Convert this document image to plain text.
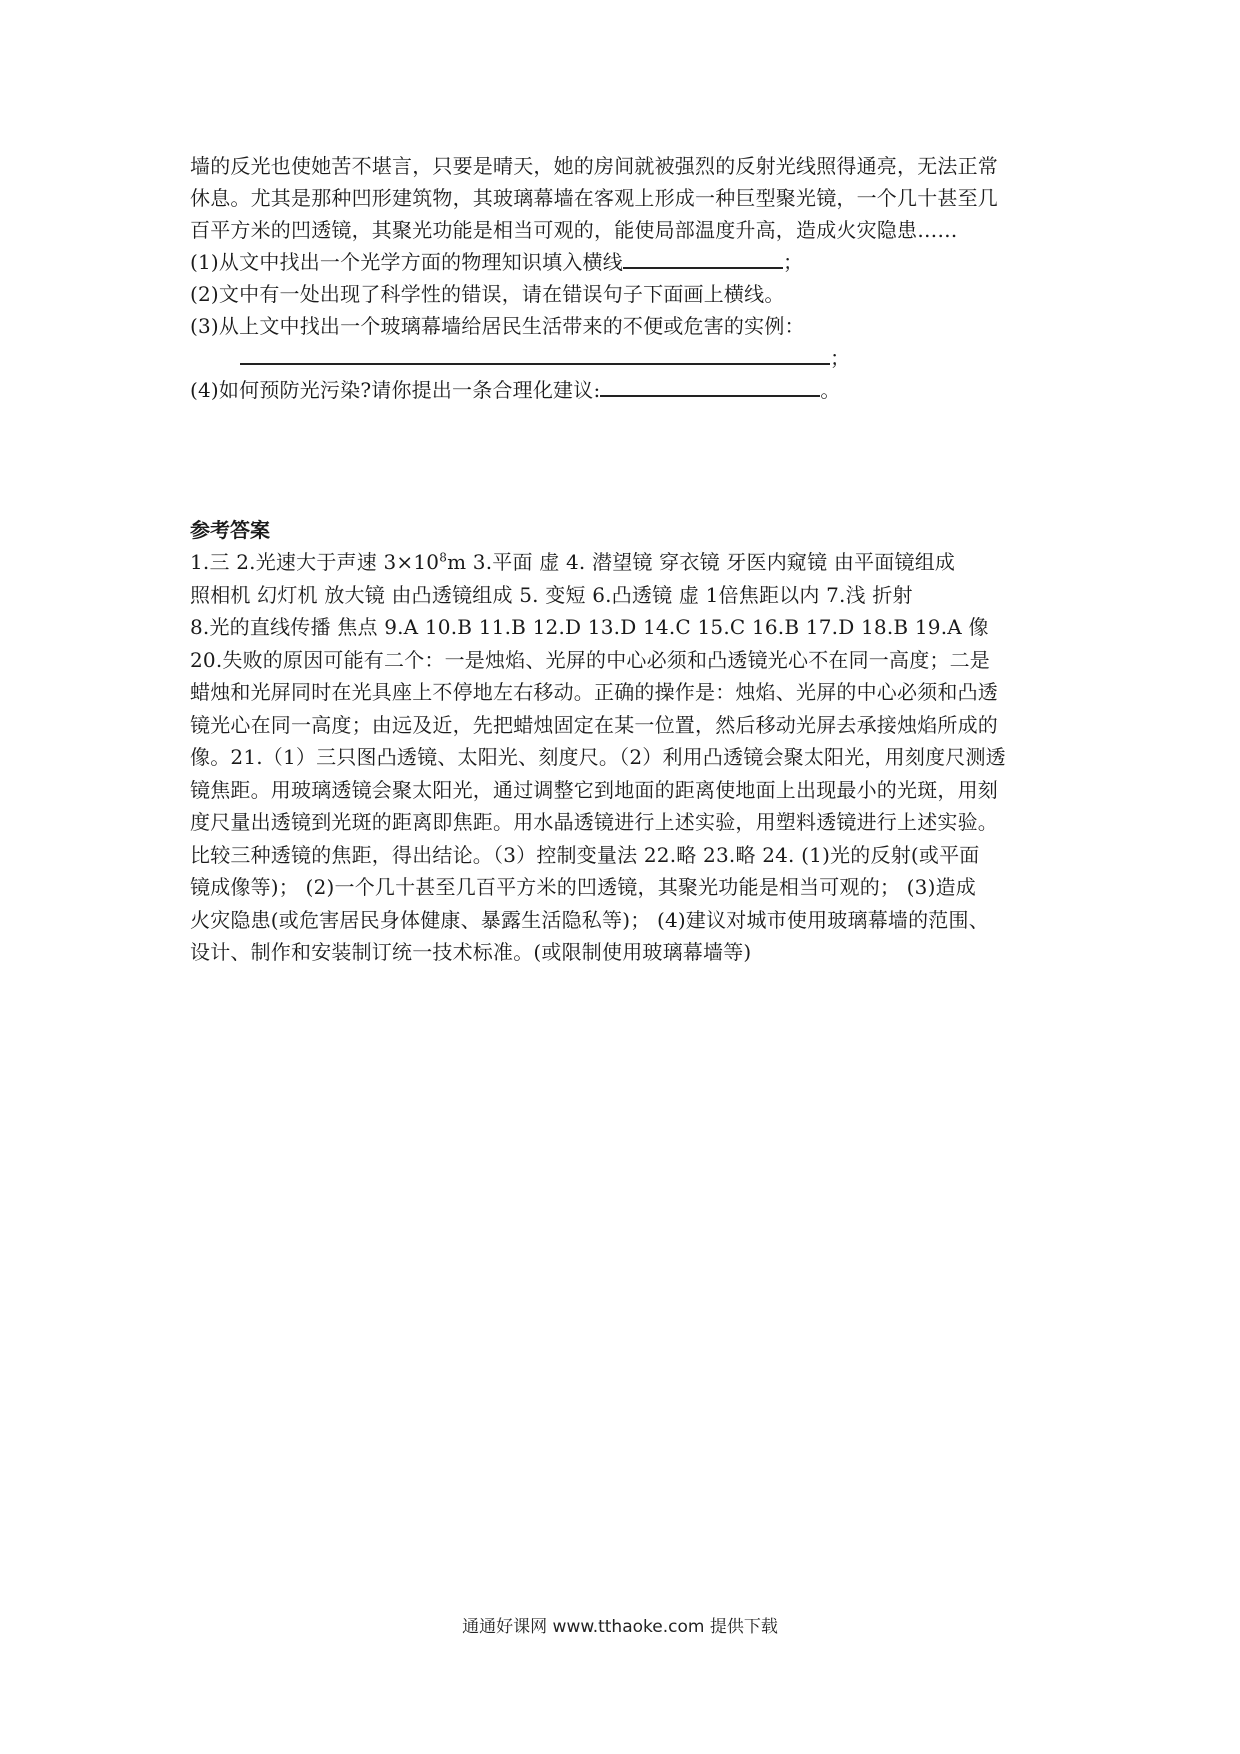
墙的反光也使她苦不堪言，只要是晴天，她的房间就被强烈的反射光线照得通亮，无法正常
休息。尤其是那种凹形建筑物，其玻璃幕墙在客观上形成一种巨型聚光镜，一个几十甚至几
百平方米的凹透镜，其聚光功能是相当可观的，能使局部温度升高，造成火灾隐患……
(1)从文中找出一个光学方面的物理知识填入横线	；
(2)文中有一处出现了科学性的错误，请在错误句子下面画上横线。
(3)从上文中找出一个玻璃幕墙给居民生活带来的不便或危害的实例：
；
(4)如何预防光污染?请你提出一条合理化建议:	。
参考答案
1.三 2.光速大于声速 $3\times 10^8m$ 3.平面 虚 4. 潜望镜 穿衣镜 牙医内窥镜 由平面镜组成
照相机 幻灯机 放大镜 由凸透镜组成 5. 变短 6.凸透镜 虚 1倍焦距以内 7.浅 折射
8.光的直线传播 焦点 9.A 10.B 11.B 12.D 13.D 14.C 15.C 16.B 17.D 18.B 19.A 像
20.失败的原因可能有二个：一是烛焰、光屏的中心必须和凸透镜光心不在同一高度；二是
蜡烛和光屏同时在光具座上不停地左右移动。正确的操作是：烛焰、光屏的中心必须和凸透
镜光心在同一高度；由远及近，先把蜡烛固定在某一位置，然后移动光屏去承接烛焰所成的
像。21.（1）三只图凸透镜、太阳光、刻度尺。（2）利用凸透镜会聚太阳光，用刻度尺测透
镜焦距。用玻璃透镜会聚太阳光，通过调整它到地面的距离使地面上出现最小的光斑，用刻
度尺量出透镜到光斑的距离即焦距。用水晶透镜进行上述实验，用塑料透镜进行上述实验。
比较三种透镜的焦距，得出结论。（3）控制变量法 22.略 23.略 24. (1)光的反射(或平面
镜成像等)； (2)一个几十甚至几百平方米的凹透镜，其聚光功能是相当可观的； (3)造成
火灾隐患(或危害居民身体健康、暴露生活隐私等)； (4)建议对城市使用玻璃幕墙的范围、
设计、制作和安装制订统一技术标准。(或限制使用玻璃幕墙等)
通通好课网 www.tthaoke.com 提供下载
